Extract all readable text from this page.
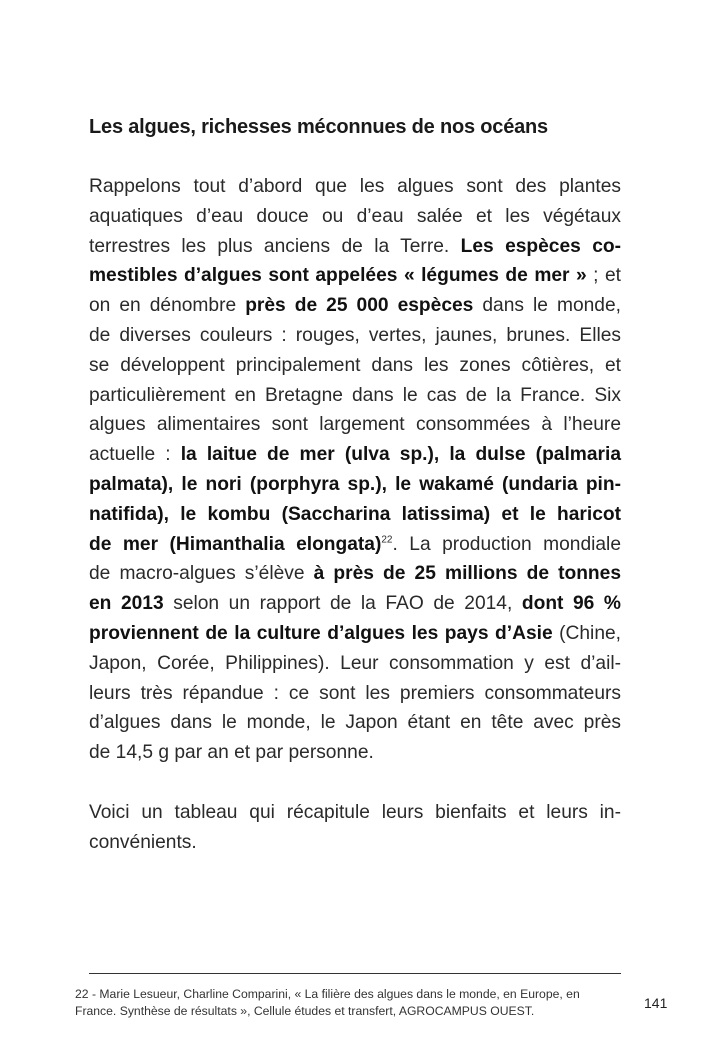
Les algues, richesses méconnues de nos océans
Rappelons tout d’abord que les algues sont des plantes
aquatiques d’eau douce ou d’eau salée et les végétaux
terrestres les plus anciens de la Terre. Les espèces co-
mestibles d’algues sont appelées « légumes de mer » ; et
on en dénombre près de 25 000 espèces dans le monde,
de diverses couleurs : rouges, vertes, jaunes, brunes. Elles
se développent principalement dans les zones côtières, et
particulièrement en Bretagne dans le cas de la France. Six
algues alimentaires sont largement consommées à l’heure
actuelle : la laitue de mer (ulva sp.), la dulse (palmaria
palmata), le nori (porphyra sp.), le wakamé (undaria pin-
natifida), le kombu (Saccharina latissima) et le haricot
de mer (Himanthalia elongata)$^{22}$. La production mondiale
de macro-algues s’élève à près de 25 millions de tonnes
en 2013 selon un rapport de la FAO de 2014, dont 96 %
proviennent de la culture d’algues les pays d’Asie (Chine,
Japon, Corée, Philippines). Leur consommation y est d’ail-
leurs très répandue : ce sont les premiers consommateurs
d’algues dans le monde, le Japon étant en tête avec près
de 14,5 g par an et par personne.
Voici un tableau qui récapitule leurs bienfaits et leurs in-
convénients.
22 - Marie Lesueur, Charline Comparini, « La filière des algues dans le monde, en Europe, en
France. Synthèse de résultats », Cellule études et transfert, AGROCAMPUS OUEST.	141
